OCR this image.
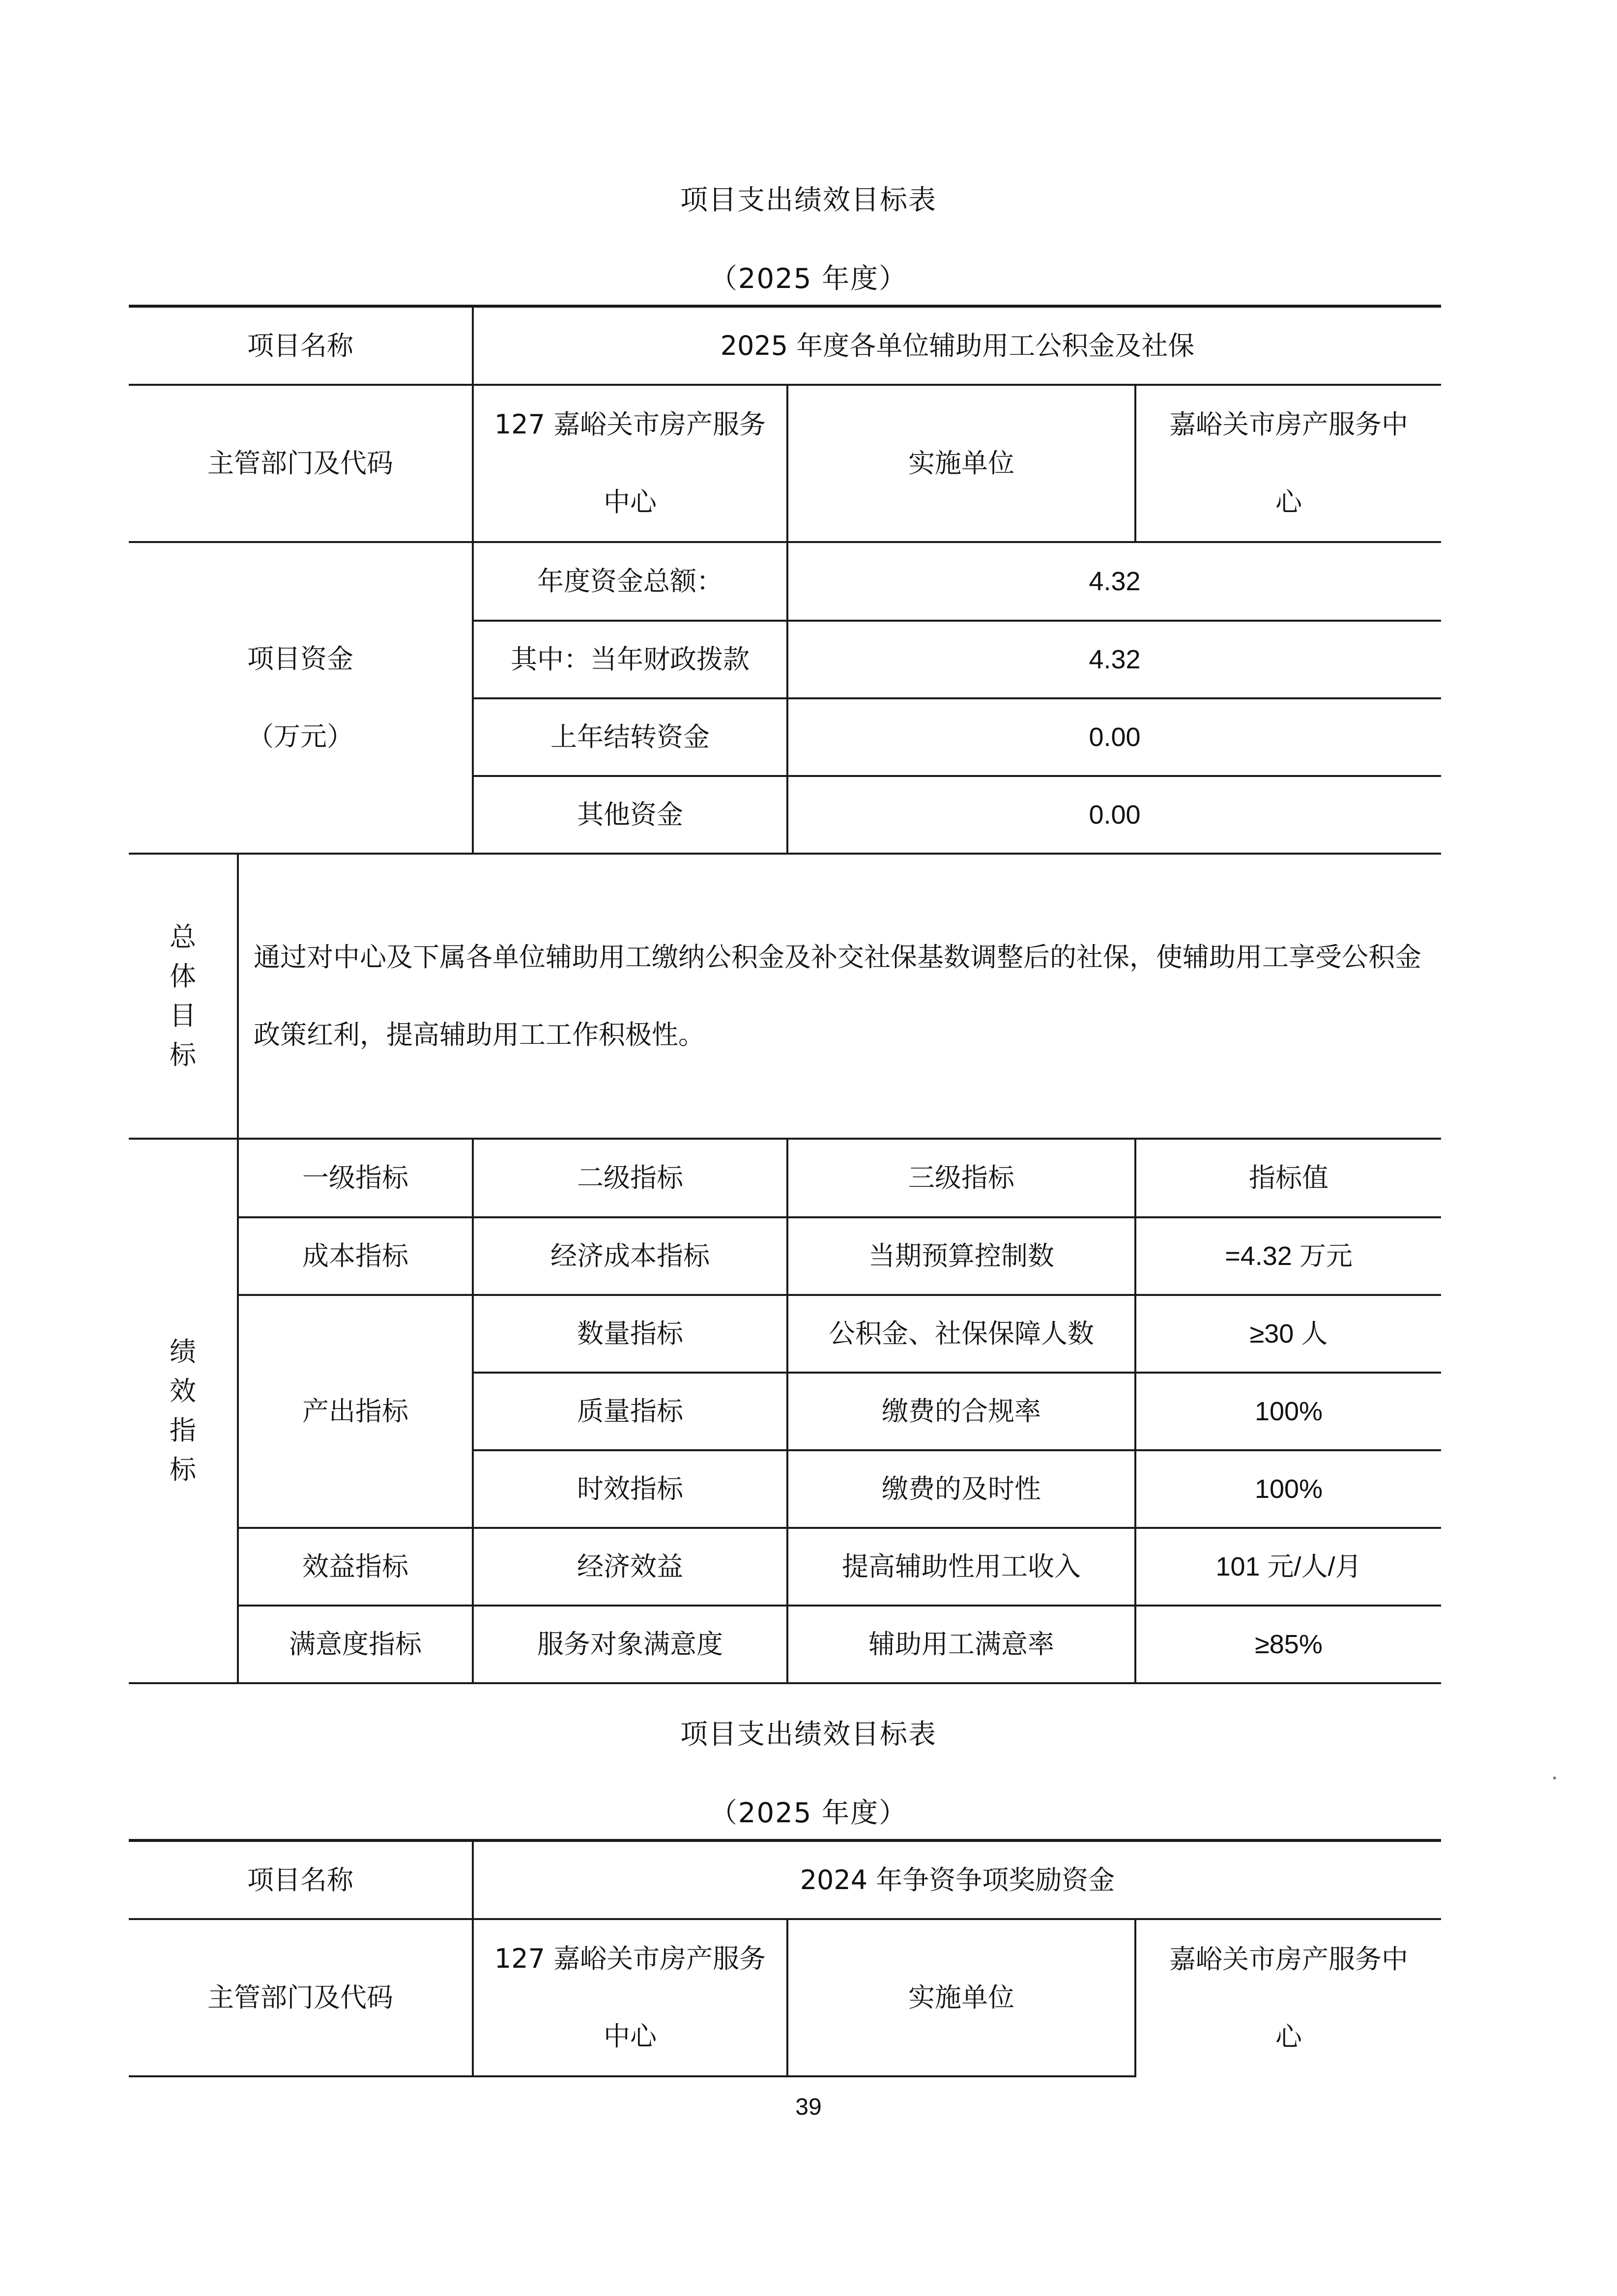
项目支出绩效目标表
（2025 年度）
项目名称		2025 年度各单位辅助用工公积金及社保		
主管部门及代码		127 嘉峪关市房产服务
中心	实施单位	嘉峪关市房产服务中
心

项目资金
（万元）		年度资金总额：	4.32	
		其中：当年财政拨款	4.32	
		上年结转资金	0.00	
		其他资金	0.00	

总
体
目
标	通过对中心及下属各单位辅助用工缴纳公积金及补交社保基数调整后的社保，使辅助用工享受公积金政策红利，提高辅助用工工作积极性。			

绩
效
指
标	一级指标	二级指标	三级指标	指标值
	成本指标	经济成本指标	当期预算控制数	=4.32 万元
	产出指标	数量指标	公积金、社保保障人数	≥30 人
		质量指标	缴费的合规率	100%
		时效指标	缴费的及时性	100%
	效益指标	经济效益	提高辅助性用工收入	101 元/人/月
	满意度指标	服务对象满意度	辅助用工满意率	≥85%
项目支出绩效目标表
（2025 年度）
项目名称	2024 年争资争项奖励资金		
主管部门及代码	127 嘉峪关市房产服务
中心	实施单位	嘉峪关市房产服务中
心
39
